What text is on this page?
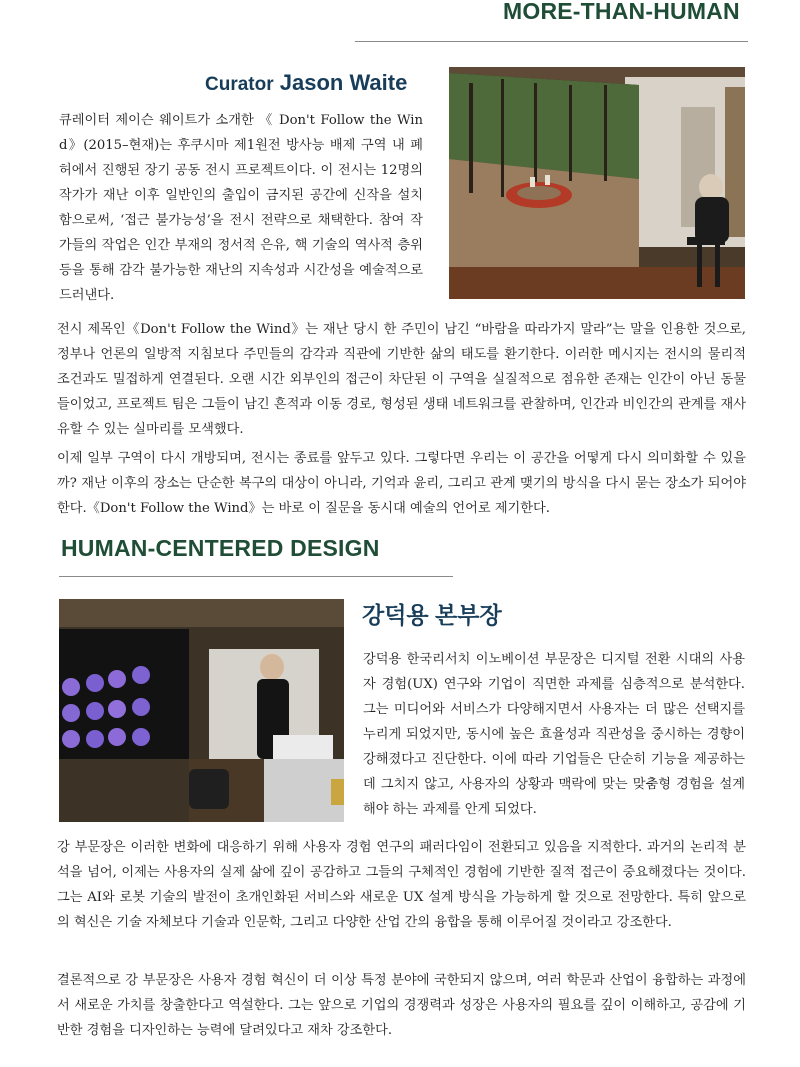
MORE-THAN-HUMAN
Curator Jason Waite

큐레이터 제이슨 웨이트가 소개한 《 Don't Follow the Wind》(2015–현재)는 후쿠시마 제1원전 방사능 배제 구역 내 폐허에서 진행된 장기 공동 전시 프로젝트이다. 이 전시는 12명의 작가가 재난 이후 일반인의 출입이 금지된 공간에 신작을 설치함으로써, ‘접근 불가능성’을 전시 전략으로 채택한다. 참여 작가들의 작업은 인간 부재의 정서적 은유, 핵 기술의 역사적 층위 등을 통해 감각 불가능한 재난의 지속성과 시간성을 예술적으로 드러낸다.

전시 제목인《Don't Follow the Wind》는 재난 당시 한 주민이 남긴 “바람을 따라가지 말라”는 말을 인용한 것으로, 정부나 언론의 일방적 지침보다 주민들의 감각과 직관에 기반한 삶의 태도를 환기한다. 이러한 메시지는 전시의 물리적 조건과도 밀접하게 연결된다. 오랜 시간 외부인의 접근이 차단된 이 구역을 실질적으로 점유한 존재는 인간이 아닌 동물들이었고, 프로젝트 팀은 그들이 남긴 흔적과 이동 경로, 형성된 생태 네트워크를 관찰하며, 인간과 비인간의 관계를 재사유할 수 있는 실마리를 모색했다.

이제 일부 구역이 다시 개방되며, 전시는 종료를 앞두고 있다. 그렇다면 우리는 이 공간을 어떻게 다시 의미화할 수 있을까? 재난 이후의 장소는 단순한 복구의 대상이 아니라, 기억과 윤리, 그리고 관계 맺기의 방식을 다시 묻는 장소가 되어야 한다.《Don't Follow the Wind》는 바로 이 질문을 동시대 예술의 언어로 제기한다.

HUMAN-CENTERED DESIGN
강덕용 본부장

강덕용 한국리서치 이노베이션 부문장은 디지털 전환 시대의 사용자 경험(UX) 연구와 기업이 직면한 과제를 심층적으로 분석한다. 그는 미디어와 서비스가 다양해지면서 사용자는 더 많은 선택지를 누리게 되었지만, 동시에 높은 효율성과 직관성을 중시하는 경향이 강해졌다고 진단한다. 이에 따라 기업들은 단순히 기능을 제공하는 데 그치지 않고, 사용자의 상황과 맥락에 맞는 맞춤형 경험을 설계해야 하는 과제를 안게 되었다.

강 부문장은 이러한 변화에 대응하기 위해 사용자 경험 연구의 패러다임이 전환되고 있음을 지적한다. 과거의 논리적 분석을 넘어, 이제는 사용자의 실제 삶에 깊이 공감하고 그들의 구체적인 경험에 기반한 질적 접근이 중요해졌다는 것이다. 그는 AI와 로봇 기술의 발전이 초개인화된 서비스와 새로운 UX 설계 방식을 가능하게 할 것으로 전망한다. 특히 앞으로의 혁신은 기술 자체보다 기술과 인문학, 그리고 다양한 산업 간의 융합을 통해 이루어질 것이라고 강조한다.

결론적으로 강 부문장은 사용자 경험 혁신이 더 이상 특정 분야에 국한되지 않으며, 여러 학문과 산업이 융합하는 과정에서 새로운 가치를 창출한다고 역설한다. 그는 앞으로 기업의 경쟁력과 성장은 사용자의 필요를 깊이 이해하고, 공감에 기반한 경험을 디자인하는 능력에 달려있다고 재차 강조한다.
